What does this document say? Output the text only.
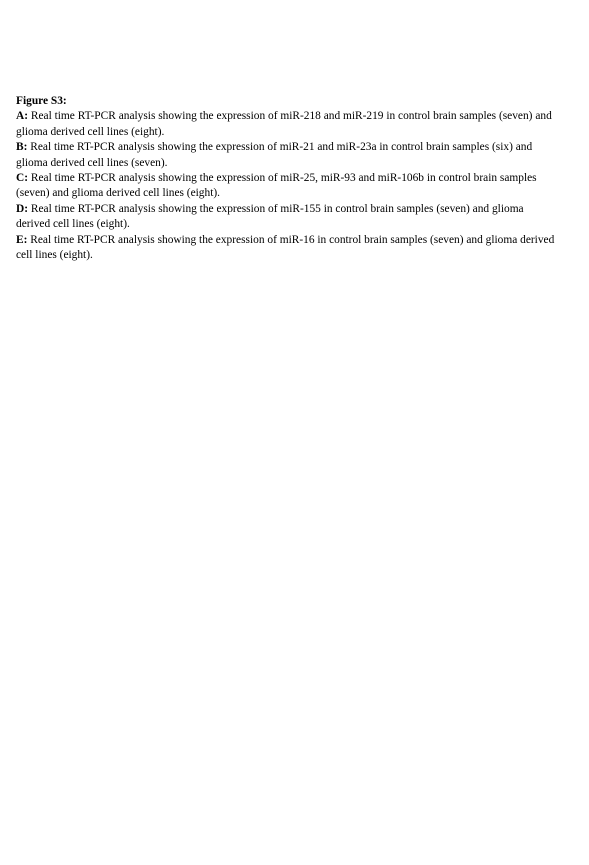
Figure S3:

A: Real time RT-PCR analysis showing the expression of miR-218 and miR-219 in control brain samples (seven) and glioma derived cell lines (eight).

B: Real time RT-PCR analysis showing the expression of miR-21 and miR-23a in control brain samples (six) and glioma derived cell lines (seven).

C: Real time RT-PCR analysis showing the expression of miR-25, miR-93 and miR-106b in control brain samples (seven) and glioma derived cell lines (eight).

D: Real time RT-PCR analysis showing the expression of miR-155 in control brain samples (seven) and glioma derived cell lines (eight).

E: Real time RT-PCR analysis showing the expression of miR-16 in control brain samples (seven) and glioma derived cell lines (eight).
